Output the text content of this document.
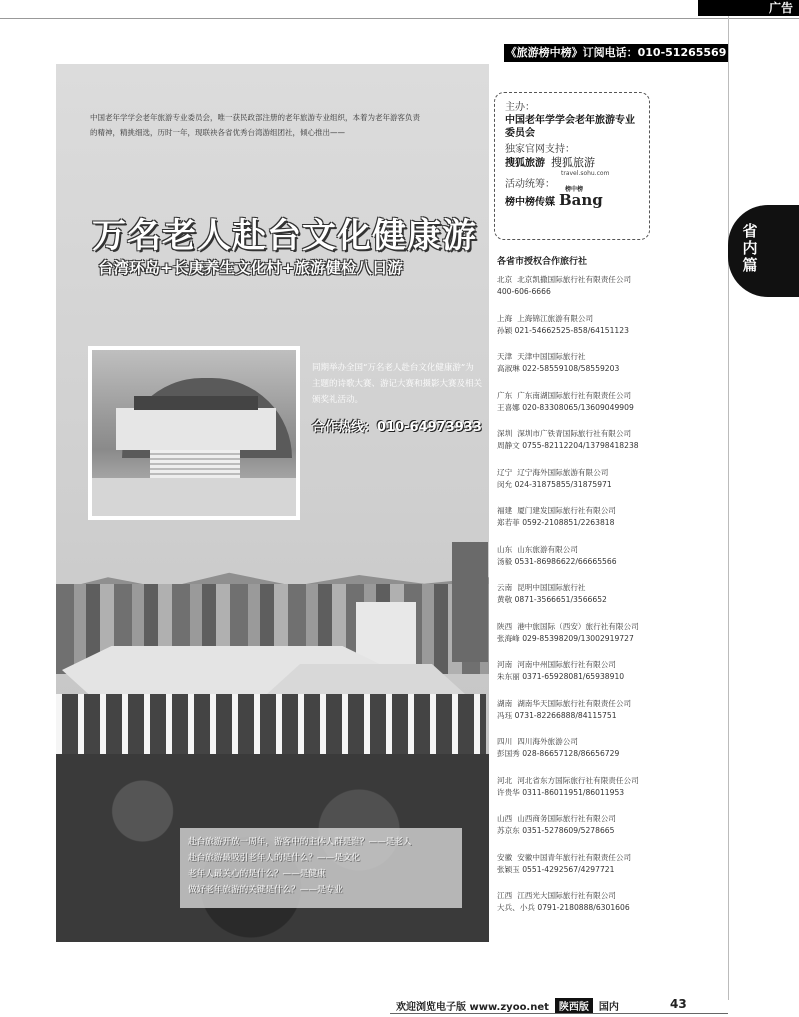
广告
《旅游榜中榜》订阅电话：010-51265569
中国老年学学会老年旅游专业委员会，唯一获民政部注册的老年旅游专业组织，本着为老年游客负责的精神，精挑细选，历时一年，现联袂各省优秀台湾游组团社，倾心推出——
万名老人赴台文化健康游
台湾环岛+长庚养生文化村+旅游健检八日游
同期举办全国“万名老人赴台文化健康游”为主题的诗歌大赛、游记大赛和摄影大赛及相关颁奖礼活动。
合作热线：010-64973933
赴台旅游开放一周年，游客中的主体人群是谁？——是老人
赴台旅游最吸引老年人的是什么？——是文化
老年人最关心的是什么？——是健康
做好老年旅游的关键是什么？——是专业
主办：
中国老年学学会老年旅游专业委员会
独家官网支持：
搜狐旅游 搜狐旅游
travel.sohu.com
活动统筹：
榜中榜传媒
榜中榜
Bang
各省市授权合作旅行社
北京 北京凯撒国际旅行社有限责任公司
400-606-6666
上海 上海锦江旅游有限公司
孙颖 021-54662525-858/64151123
天津 天津中国国际旅行社
高淑琳 022-58559108/58559203
广东 广东南湖国际旅行社有限责任公司
王喜娜 020-83308065/13609049909
深圳 深圳市广铁青国际旅行社有限公司
周静文 0755-82112204/13798418238
辽宁 辽宁海外国际旅游有限公司
闵允 024-31875855/31875971
福建 厦门建发国际旅行社有限公司
郑若菲 0592-2108851/2263818
山东 山东旅游有限公司
汤毅 0531-86986622/66665566
云南 昆明中国国际旅行社
黄敬 0871-3566651/3566652
陕西 港中旅国际（西安）旅行社有限公司
张海峰 029-85398209/13002919727
河南 河南中州国际旅行社有限公司
朱东丽 0371-65928081/65938910
湖南 湖南华天国际旅行社有限责任公司
冯珏 0731-82266888/84115751
四川 四川海外旅游公司
彭国秀 028-86657128/86656729
河北 河北省东方国际旅行社有限责任公司
许贵华 0311-86011951/86011953
山西 山西商务国际旅行社有限公司
苏京东 0351-5278609/5278665
安徽 安徽中国青年旅行社有限责任公司
张颖玉 0551-4292567/4297721
江西 江西光大国际旅行社有限公司
大兵、小兵 0791-2180888/6301606
省内篇
欢迎浏览电子版 www.zyoo.net	陕西版	国内	43
